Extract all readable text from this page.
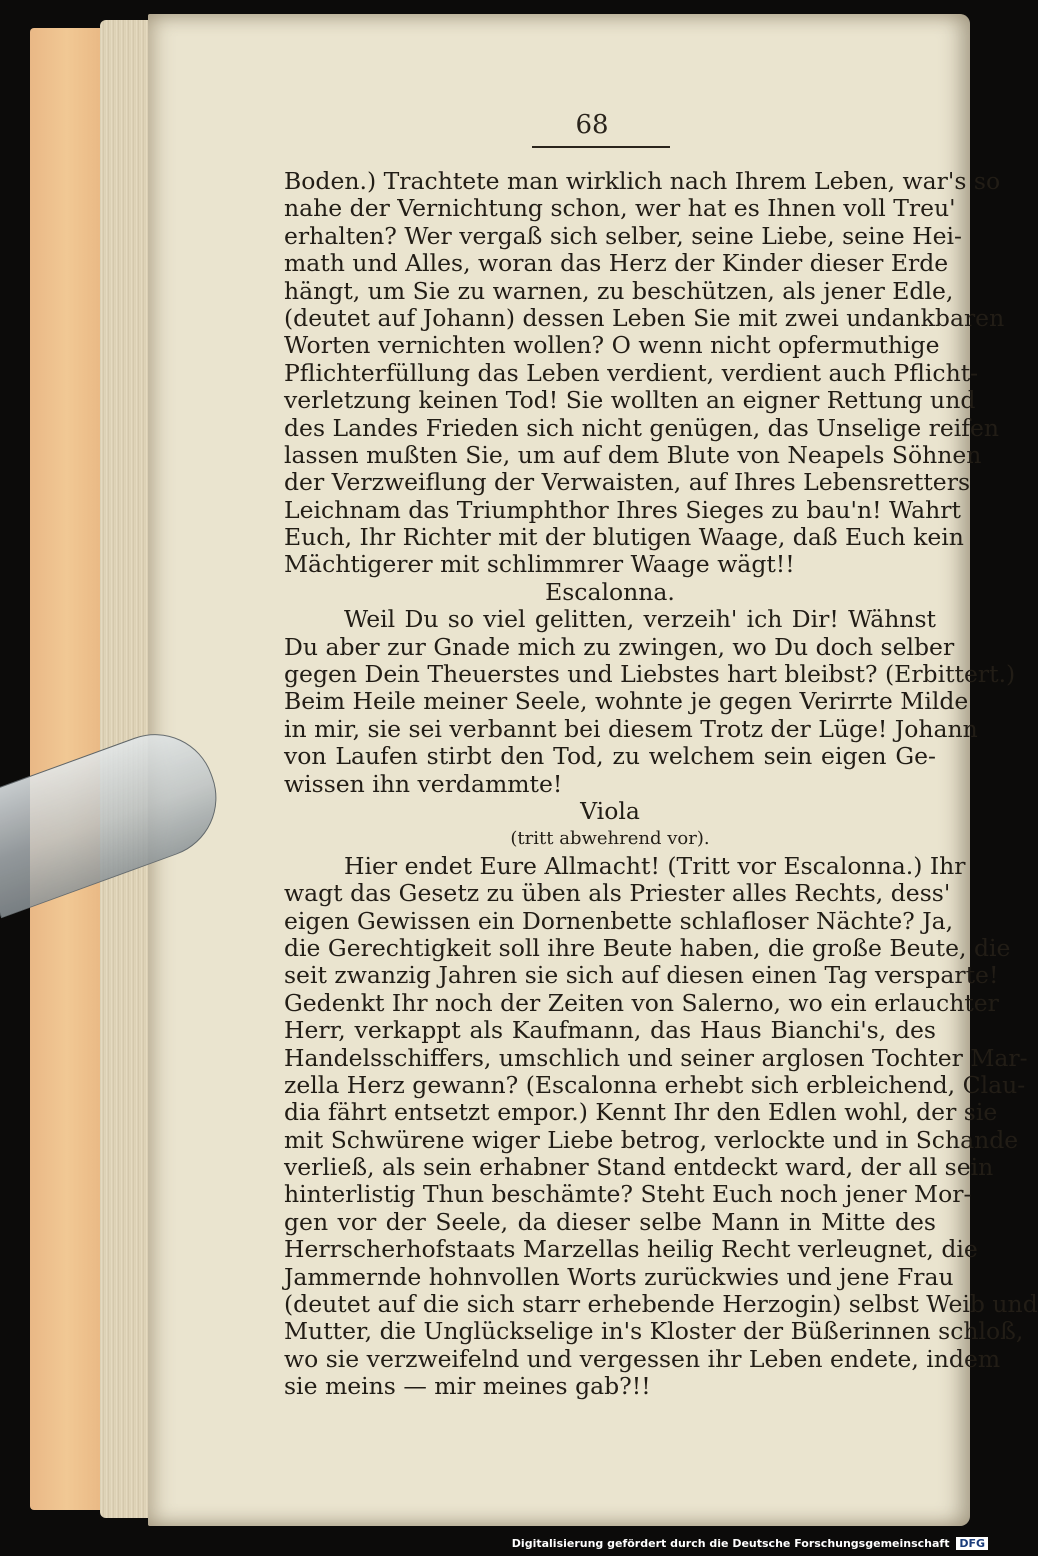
68
Boden.) Trachtete man wirklich nach Ihrem Leben, war's so
nahe der Vernichtung schon, wer hat es Ihnen voll Treu'
erhalten? Wer vergaß sich selber, seine Liebe, seine Hei-
math und Alles, woran das Herz der Kinder dieser Erde
hängt, um Sie zu warnen, zu beschützen, als jener Edle,
(deutet auf Johann) dessen Leben Sie mit zwei undankbaren
Worten vernichten wollen? O wenn nicht opfermuthige
Pflichterfüllung das Leben verdient, verdient auch Pflicht-
verletzung keinen Tod! Sie wollten an eigner Rettung und
des Landes Frieden sich nicht genügen, das Unselige reifen
lassen mußten Sie, um auf dem Blute von Neapels Söhnen
der Verzweiflung der Verwaisten, auf Ihres Lebensretters
Leichnam das Triumphthor Ihres Sieges zu bau'n! Wahrt
Euch, Ihr Richter mit der blutigen Waage, daß Euch kein
Mächtigerer mit schlimmrer Waage wägt!!
Escalonna.
Weil Du so viel gelitten, verzeih' ich Dir! Wähnst
Du aber zur Gnade mich zu zwingen, wo Du doch selber
gegen Dein Theuerstes und Liebstes hart bleibst? (Erbittert.)
Beim Heile meiner Seele, wohnte je gegen Verirrte Milde
in mir, sie sei verbannt bei diesem Trotz der Lüge! Johann
von Laufen stirbt den Tod, zu welchem sein eigen Ge-
wissen ihn verdammte!
Viola
(tritt abwehrend vor).
Hier endet Eure Allmacht! (Tritt vor Escalonna.) Ihr
wagt das Gesetz zu üben als Priester alles Rechts, dess'
eigen Gewissen ein Dornenbette schlafloser Nächte? Ja,
die Gerechtigkeit soll ihre Beute haben, die große Beute, die
seit zwanzig Jahren sie sich auf diesen einen Tag versparte!
Gedenkt Ihr noch der Zeiten von Salerno, wo ein erlauchter
Herr, verkappt als Kaufmann, das Haus Bianchi's, des
Handelsschiffers, umschlich und seiner arglosen Tochter Mar-
zella Herz gewann? (Escalonna erhebt sich erbleichend, Clau-
dia fährt entsetzt empor.) Kennt Ihr den Edlen wohl, der sie
mit Schwürene wiger Liebe betrog, verlockte und in Schande
verließ, als sein erhabner Stand entdeckt ward, der all sein
hinterlistig Thun beschämte? Steht Euch noch jener Mor-
gen vor der Seele, da dieser selbe Mann in Mitte des
Herrscherhofstaats Marzellas heilig Recht verleugnet, die
Jammernde hohnvollen Worts zurückwies und jene Frau
(deutet auf die sich starr erhebende Herzogin) selbst Weib und
Mutter, die Unglückselige in's Kloster der Büßerinnen schloß,
wo sie verzweifelnd und vergessen ihr Leben endete, indem
sie meins — mir meines gab?!!
Digitalisierung gefördert durch die Deutsche Forschungsgemeinschaft DFG
